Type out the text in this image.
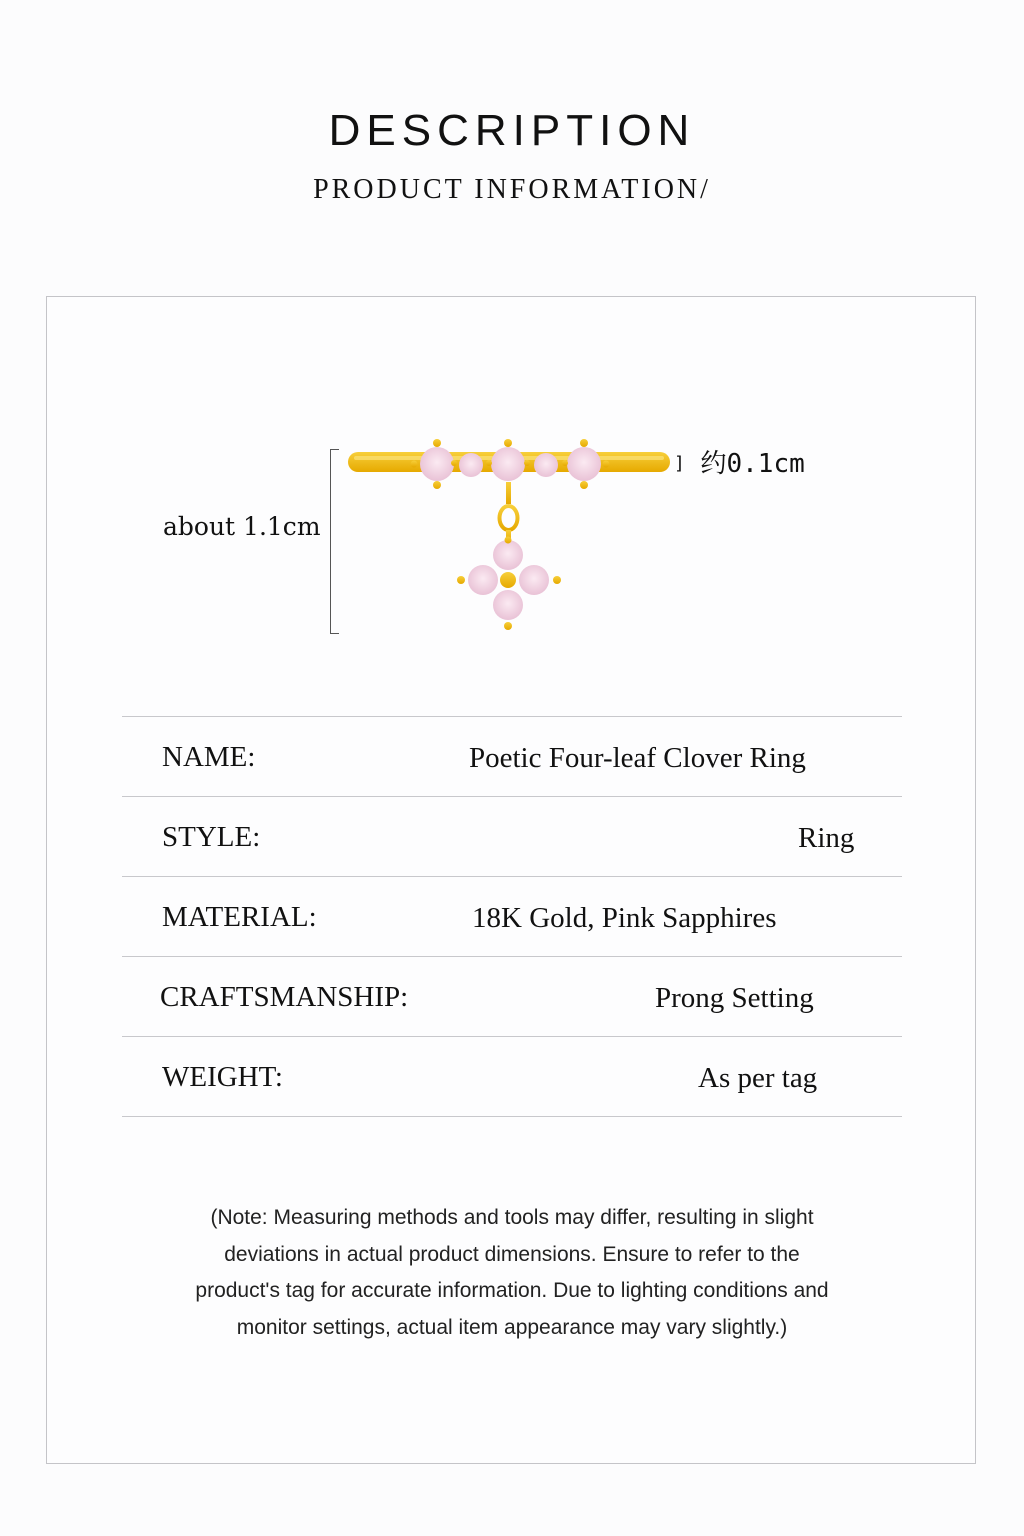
DESCRIPTION
PRODUCT INFORMATION/
about 1.1cm
] 约0.1cm
NAME:	Poetic Four-leaf Clover Ring
STYLE:	Ring
MATERIAL:	18K Gold, Pink Sapphires
CRAFTSMANSHIP:	Prong Setting
WEIGHT:	As per tag
(Note: Measuring methods and tools may differ, resulting in slight
deviations in actual product dimensions. Ensure to refer to the
product's tag for accurate information. Due to lighting conditions and
monitor settings, actual item appearance may vary slightly.)
